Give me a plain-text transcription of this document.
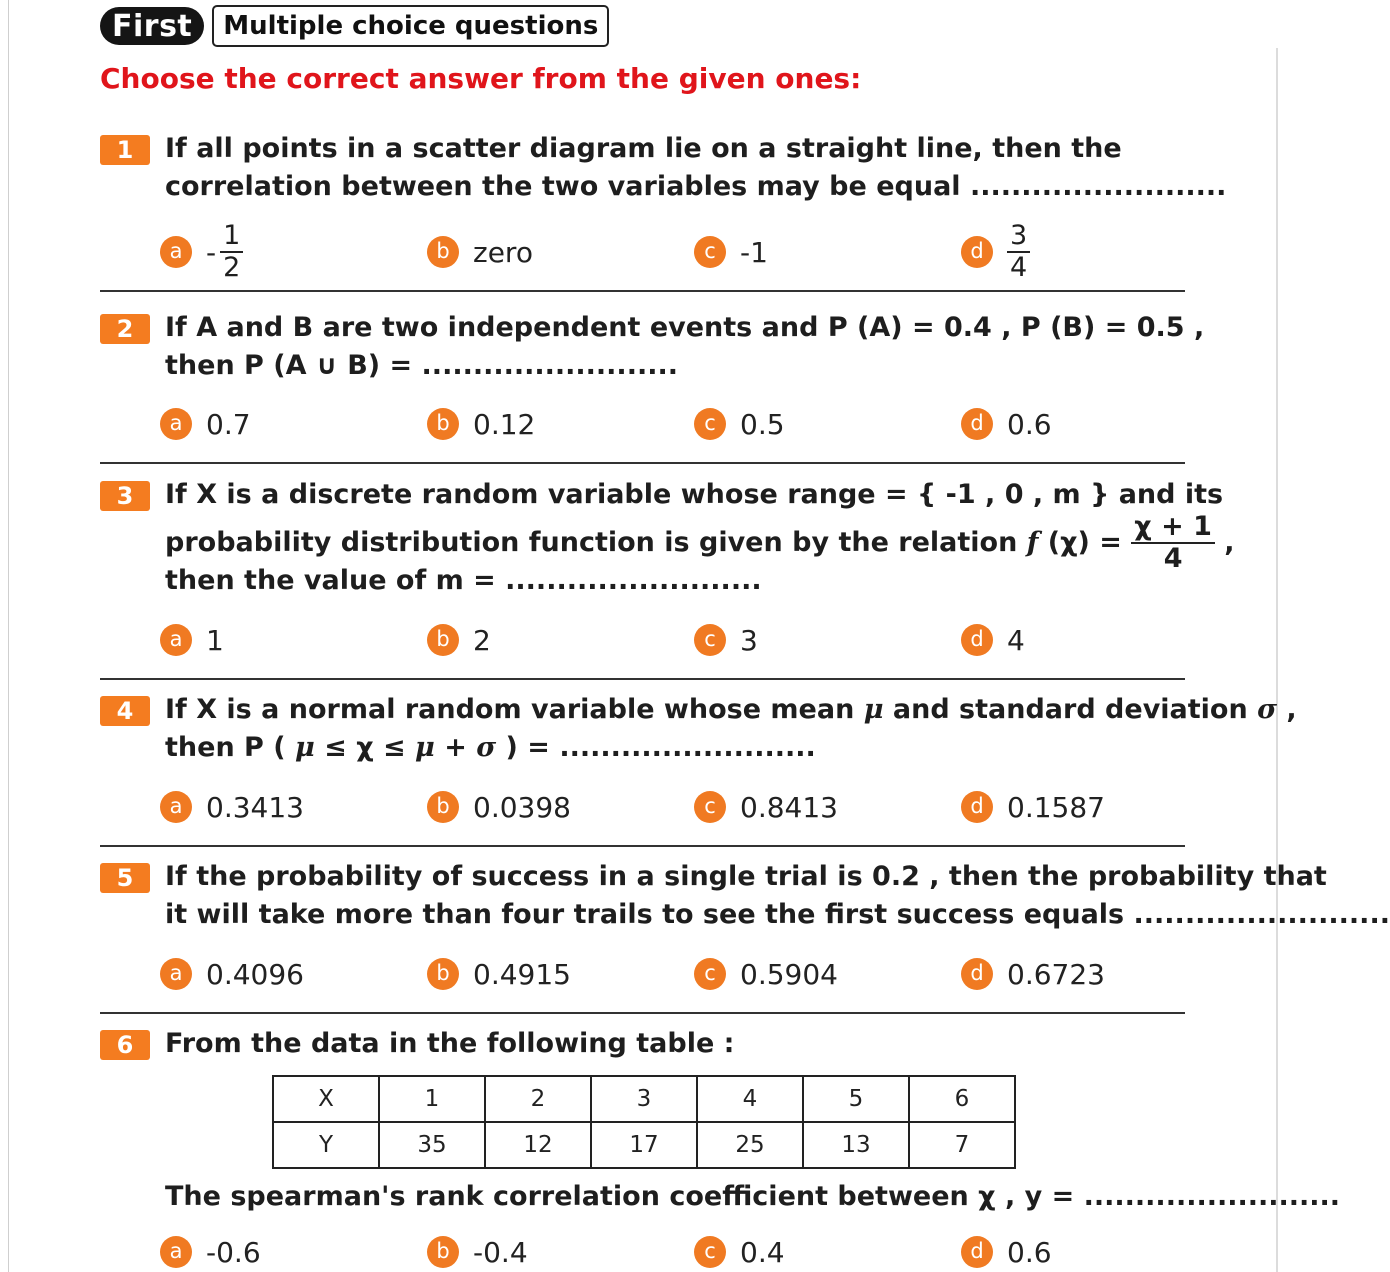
First	Multiple choice questions
Choose the correct answer from the given ones:
1	If all points in a scatter diagram lie on a straight line, then the
correlation between the two variables may be equal .........................
a - $\frac{1}{2}$	b zero	c -1	d $\frac{3}{4}$
2	If A and B are two independent events and P (A) = 0.4 , P (B) = 0.5 ,
then P (A ∪ B) = .........................
a 0.7	b 0.12	c 0.5	d 0.6
3	If X is a discrete random variable whose range = { -1 , 0 , m } and its
probability distribution function is given by the relation f $(\chi) = \frac{\chi + 1}{4}$ ,
then the value of m = .........................
a 1	b 2	c 3	d 4
4	If X is a normal random variable whose mean μ and standard deviation σ ,
then P ( μ ≤ χ ≤ μ + σ ) = .........................
a 0.3413	b 0.0398	c 0.8413	d 0.1587
5	If the probability of success in a single trial is 0.2 , then the probability that
it will take more than four trails to see the first success equals .........................
a 0.4096	b 0.4915	c 0.5904	d 0.6723
6	From the data in the following table :
X	1	2	3	4	5	6
Y	35	12	17	25	13	7
The spearman's rank correlation coefficient between χ , y = .........................
a -0.6	b -0.4	c 0.4	d 0.6
